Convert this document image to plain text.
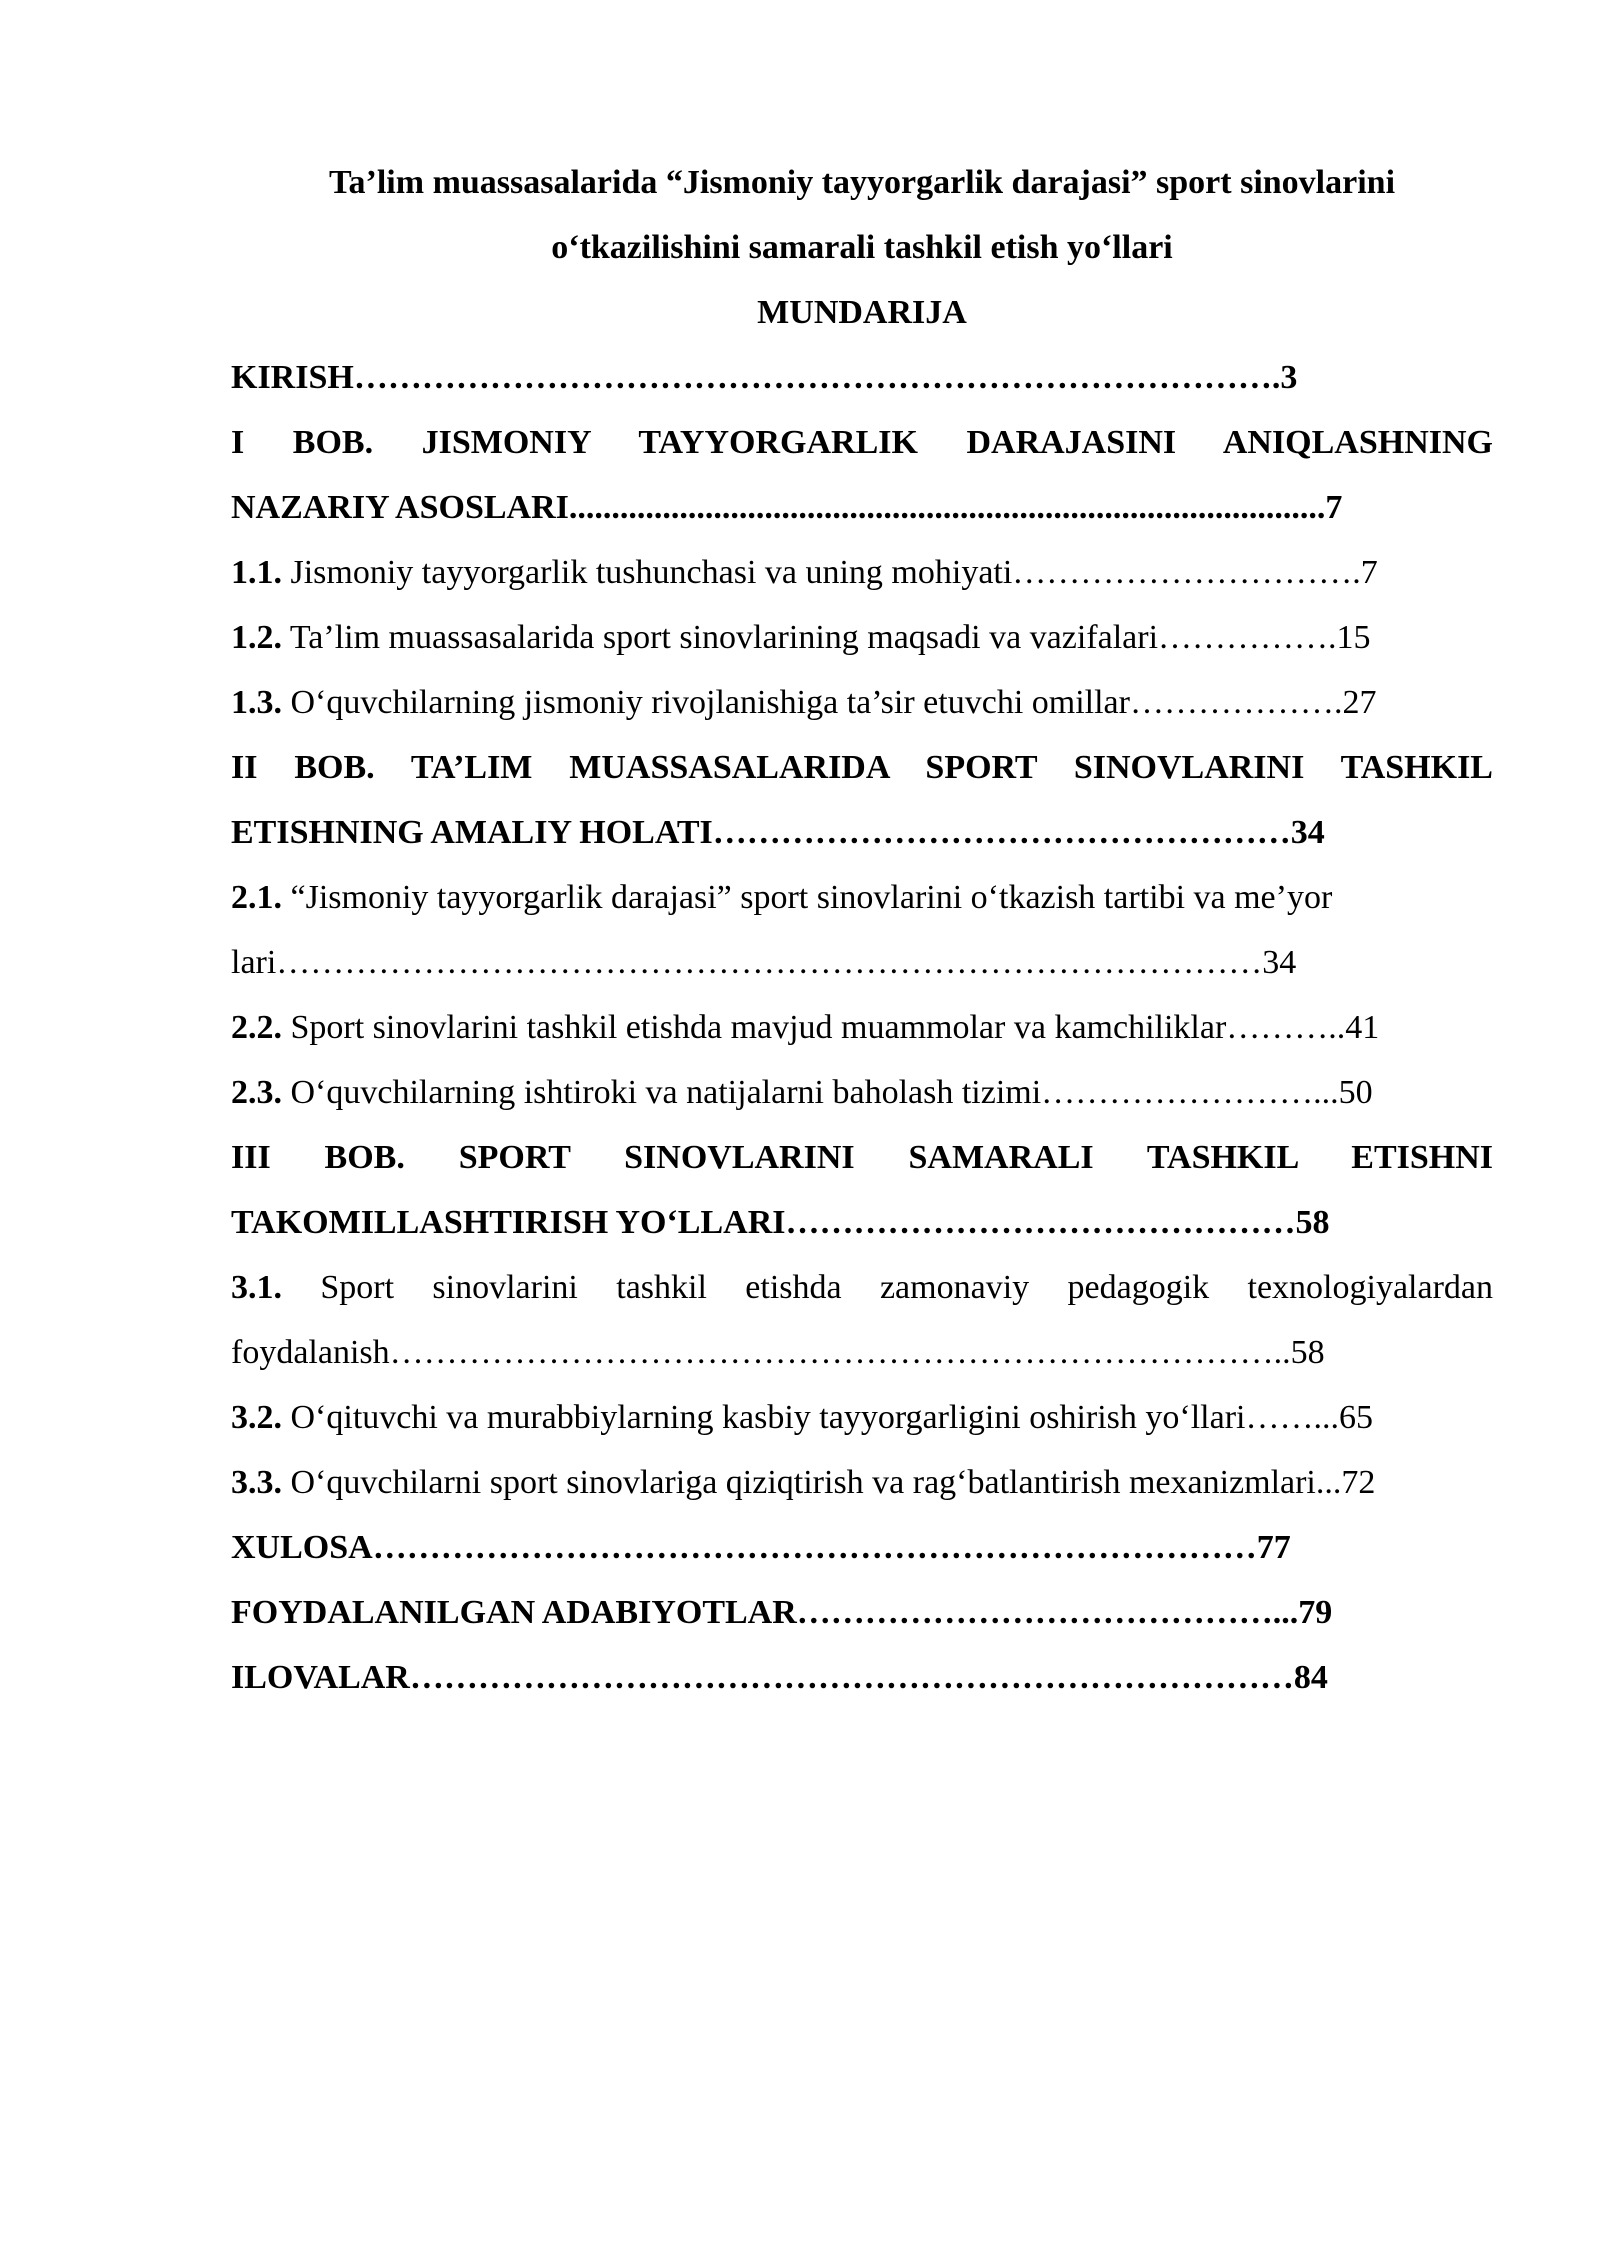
Ta’lim muassasalarida “Jismoniy tayyorgarlik darajasi” sport sinovlarini
o‘tkazilishini samarali tashkil etish yo‘llari
MUNDARIJA
KIRISH……………………………………………………………………….3
I BOB. JISMONIY TAYYORGARLIK DARAJASINI ANIQLASHNING
NAZARIY ASOSLARI.........................................................................................7
1.1. Jismoniy tayyorgarlik tushunchasi va uning mohiyati………………………….7
1.2. Ta’lim muassasalarida sport sinovlarining maqsadi va vazifalari…………….15
1.3. O‘quvchilarning jismoniy rivojlanishiga ta’sir etuvchi omillar……………….27
II BOB. TA’LIM MUASSASALARIDA SPORT SINOVLARINI TASHKIL
ETISHNING AMALIY HOLATI……………………………………………34
2.1. “Jismoniy tayyorgarlik darajasi” sport sinovlarini o‘tkazish tartibi va me’yor
lari……………………………………………………………………………34
2.2. Sport sinovlarini tashkil etishda mavjud muammolar va kamchiliklar………..41
2.3. O‘quvchilarning ishtiroki va natijalarni baholash tizimi……………………...50
III BOB. SPORT SINOVLARINI SAMARALI TASHKIL ETISHNI
TAKOMILLASHTIRISH YO‘LLARI………………………………………58
3.1. Sport sinovlarini tashkil etishda zamonaviy pedagogik texnologiyalardan
foydalanish……………………………………………………………………..58
3.2. O‘qituvchi va murabbiylarning kasbiy tayyorgarligini oshirish yo‘llari……...65
3.3. O‘quvchilarni sport sinovlariga qiziqtirish va rag‘batlantirish mexanizmlari...72
XULOSA……………………………………………………………………77
FOYDALANILGAN ADABIYOTLAR……………………………………...79
ILOVALAR……………………………………………………………………84
